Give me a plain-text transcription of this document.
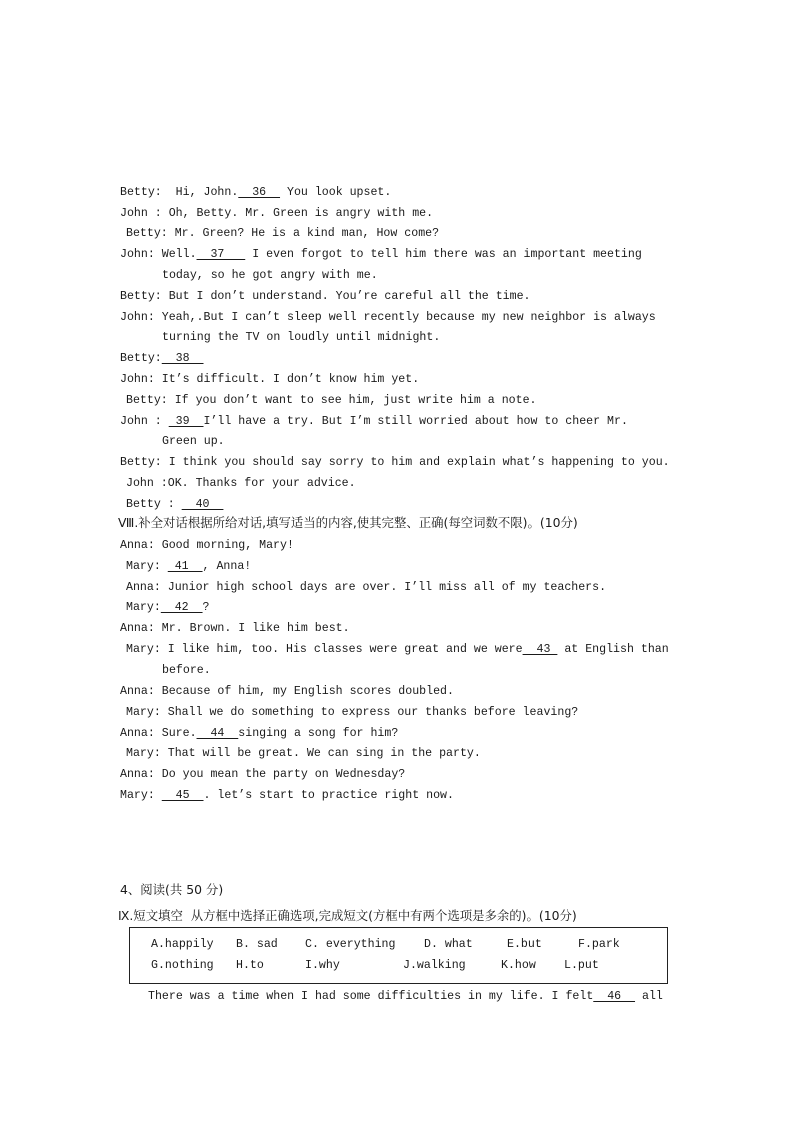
Betty:  Hi, John.  36   You look upset.
John : Oh, Betty. Mr. Green is angry with me.
Betty: Mr. Green? He is a kind man, How come?
John: Well.  37    I even forgot to tell him there was an important meeting
today, so he got angry with me.
Betty: But I don’t understand. You’re careful all the time.
John: Yeah,.But I can’t sleep well recently because my new neighbor is always
turning the TV on loudly until midnight.
Betty:  38
John: It’s difficult. I don’t know him yet.
Betty: If you don’t want to see him, just write him a note.
John :  39  I’ll have a try. But I’m still worried about how to cheer Mr.
Green up.
Betty: I think you should say sorry to him and explain what’s happening to you.
John :OK. Thanks for your advice.
Betty :   40
Ⅷ.补全对话根据所给对话,填写适当的内容,使其完整、正确(每空词数不限)。(10分)
Anna: Good morning, Mary!
Mary:  41  , Anna!
Anna: Junior high school days are over. I’ll miss all of my teachers.
Mary:  42  ?
Anna: Mr. Brown. I like him best.
Mary: I like him, too. His classes were great and we were  43  at English than
before.
Anna: Because of him, my English scores doubled.
Mary: Shall we do something to express our thanks before leaving?
Anna: Sure.  44  singing a song for him?
Mary: That will be great. We can sing in the party.
Anna: Do you mean the party on Wednesday?
Mary:   45  . let’s start to practice right now.
4、阅读(共 50 分)
Ⅸ.短文填空  从方框中选择正确选项,完成短文(方框中有两个选项是多余的)。(10分)
A.happily B. sad C. everything D. what	E.but	F.park
G.nothing H.to	I.why	J.walking	K.how L.put
There was a time when I had some difficulties in my life. I felt  46   all
